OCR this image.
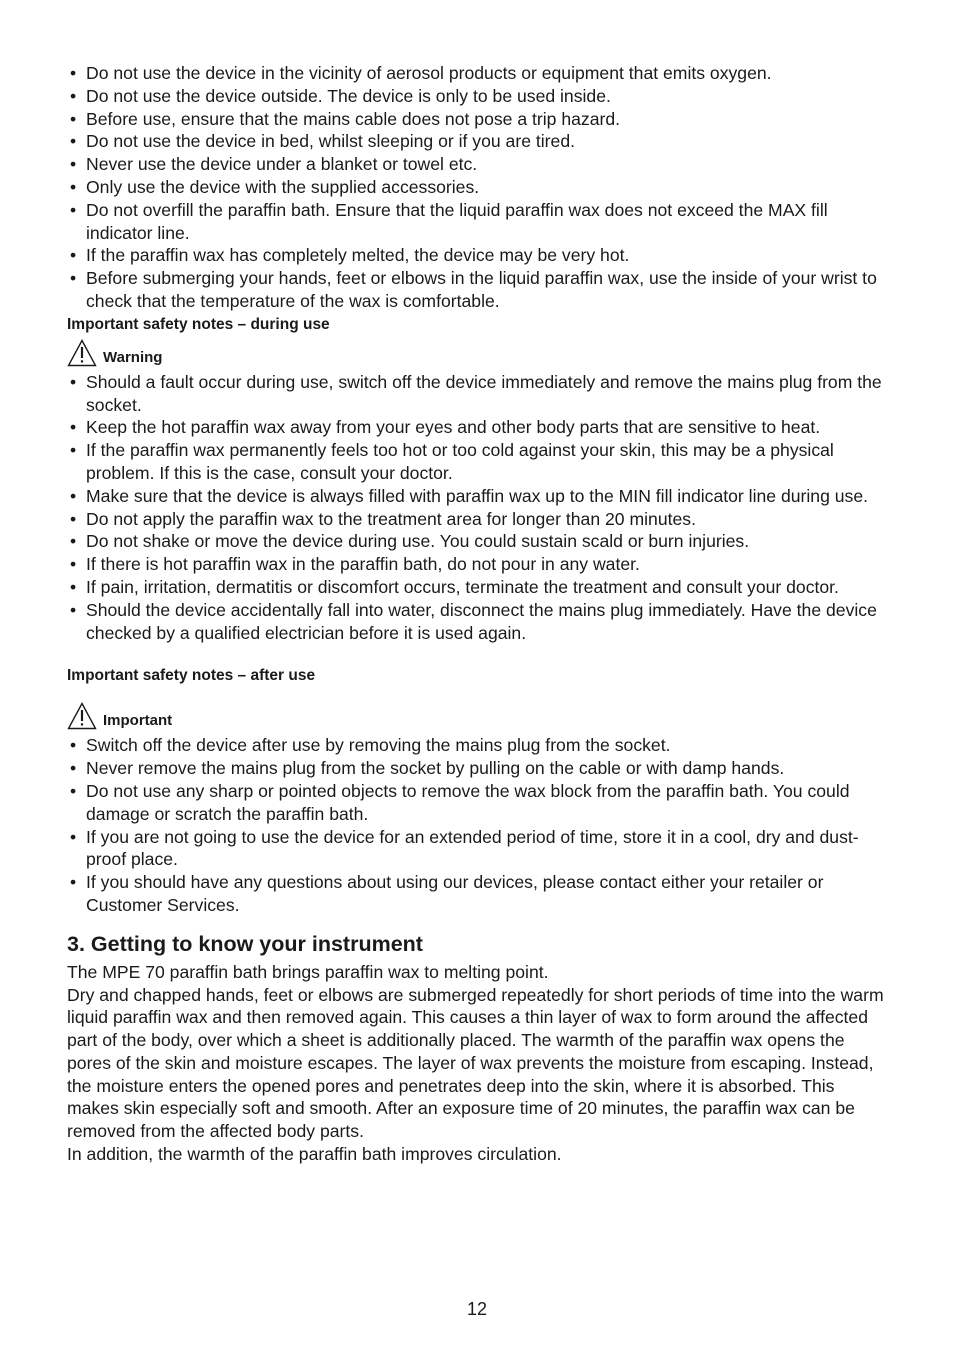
• Do not use the device in the vicinity of aerosol products or equipment that emits oxygen.
• Do not use the device outside. The device is only to be used inside.
• Before use, ensure that the mains cable does not pose a trip hazard.
• Do not use the device in bed, whilst sleeping or if you are tired.
• Never use the device under a blanket or towel etc.
• Only use the device with the supplied accessories.
• Do not overfill the paraffin bath. Ensure that the liquid paraffin wax does not exceed the MAX fill indicator line.
• If the paraffin wax has completely melted, the device may be very hot.
• Before submerging your hands, feet or elbows in the liquid paraffin wax, use the inside of your wrist to check that the temperature of the wax is comfortable.
Important safety notes – during use
Warning
• Should a fault occur during use, switch off the device immediately and remove the mains plug from the socket.
• Keep the hot paraffin wax away from your eyes and other body parts that are sensitive to heat.
• If the paraffin wax permanently feels too hot or too cold against your skin, this may be a physical problem. If this is the case, consult your doctor.
• Make sure that the device is always filled with paraffin wax up to the MIN fill indicator line during use.
• Do not apply the paraffin wax to the treatment area for longer than 20 minutes.
• Do not shake or move the device during use. You could sustain scald or burn injuries.
• If there is hot paraffin wax in the paraffin bath, do not pour in any water.
• If pain, irritation, dermatitis or discomfort occurs, terminate the treatment and consult your doctor.
• Should the device accidentally fall into water, disconnect the mains plug immediately. Have the device checked by a qualified electrician before it is used again.
Important safety notes – after use
Important
• Switch off the device after use by removing the mains plug from the socket.
• Never remove the mains plug from the socket by pulling on the cable or with damp hands.
• Do not use any sharp or pointed objects to remove the wax block from the paraffin bath. You could damage or scratch the paraffin bath.
• If you are not going to use the device for an extended period of time, store it in a cool, dry and dust-proof place.
• If you should have any questions about using our devices, please contact either your retailer or Customer Services.
3. Getting to know your instrument

The MPE 70 paraffin bath brings paraffin wax to melting point.

Dry and chapped hands, feet or elbows are submerged repeatedly for short periods of time into the warm liquid paraffin wax and then removed again. This causes a thin layer of wax to form around the affected part of the body, over which a sheet is additionally placed. The warmth of the paraffin wax opens the pores of the skin and moisture escapes. The layer of wax prevents the moisture from escaping. Instead, the moisture enters the opened pores and penetrates deep into the skin, where it is absorbed. This makes skin especially soft and smooth. After an exposure time of 20 minutes, the paraffin wax can be removed from the affected body parts.

In addition, the warmth of the paraffin bath improves circulation.

12
